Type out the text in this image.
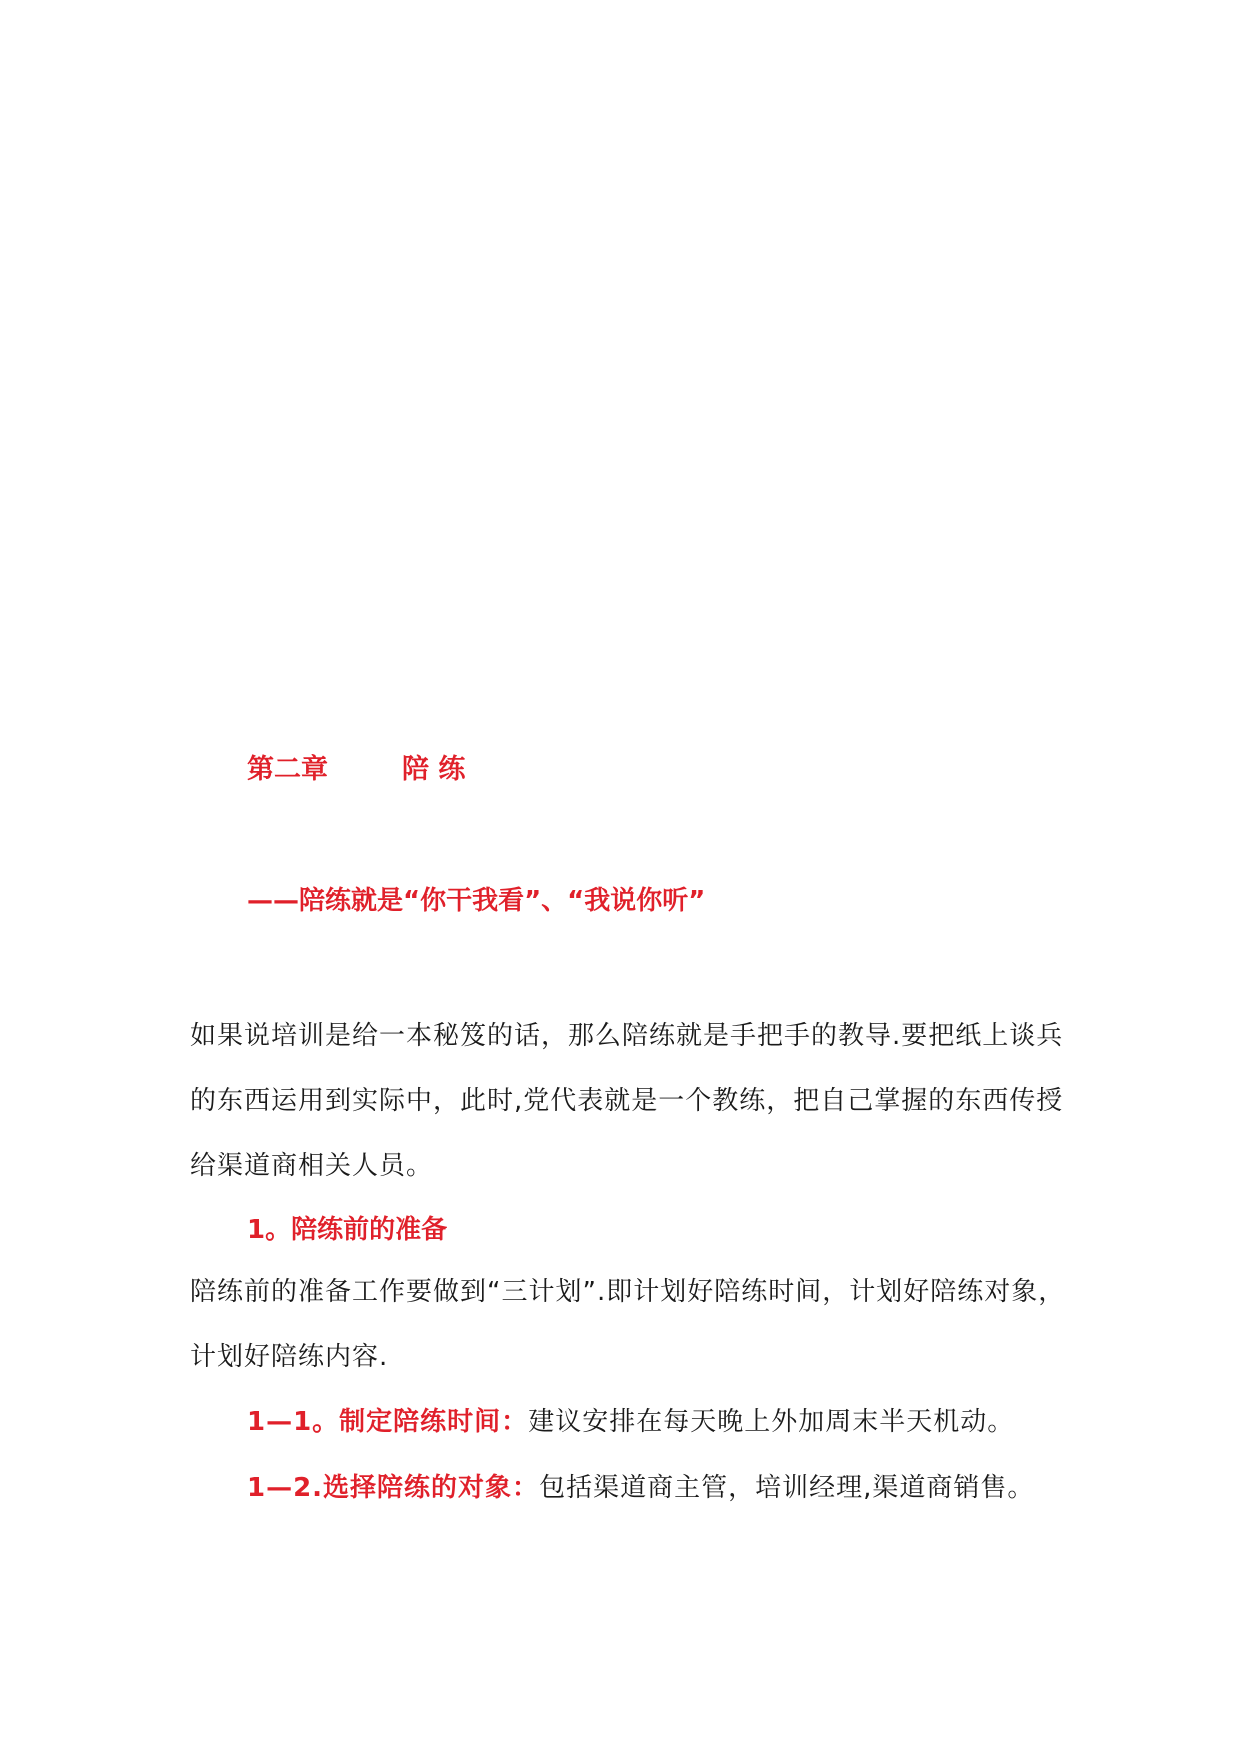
第二章	陪 练
——陪练就是“你干我看”、“我说你听”
如果说培训是给一本秘笈的话，那么陪练就是手把手的教导.要把纸上谈兵的东西运用到实际中，此时,党代表就是一个教练，把自己掌握的东西传授给渠道商相关人员。
1。陪练前的准备
陪练前的准备工作要做到“三计划”.即计划好陪练时间，计划好陪练对象，计划好陪练内容.
1—1。制定陪练时间：建议安排在每天晚上外加周末半天机动。
1—2.选择陪练的对象：包括渠道商主管，培训经理,渠道商销售。
